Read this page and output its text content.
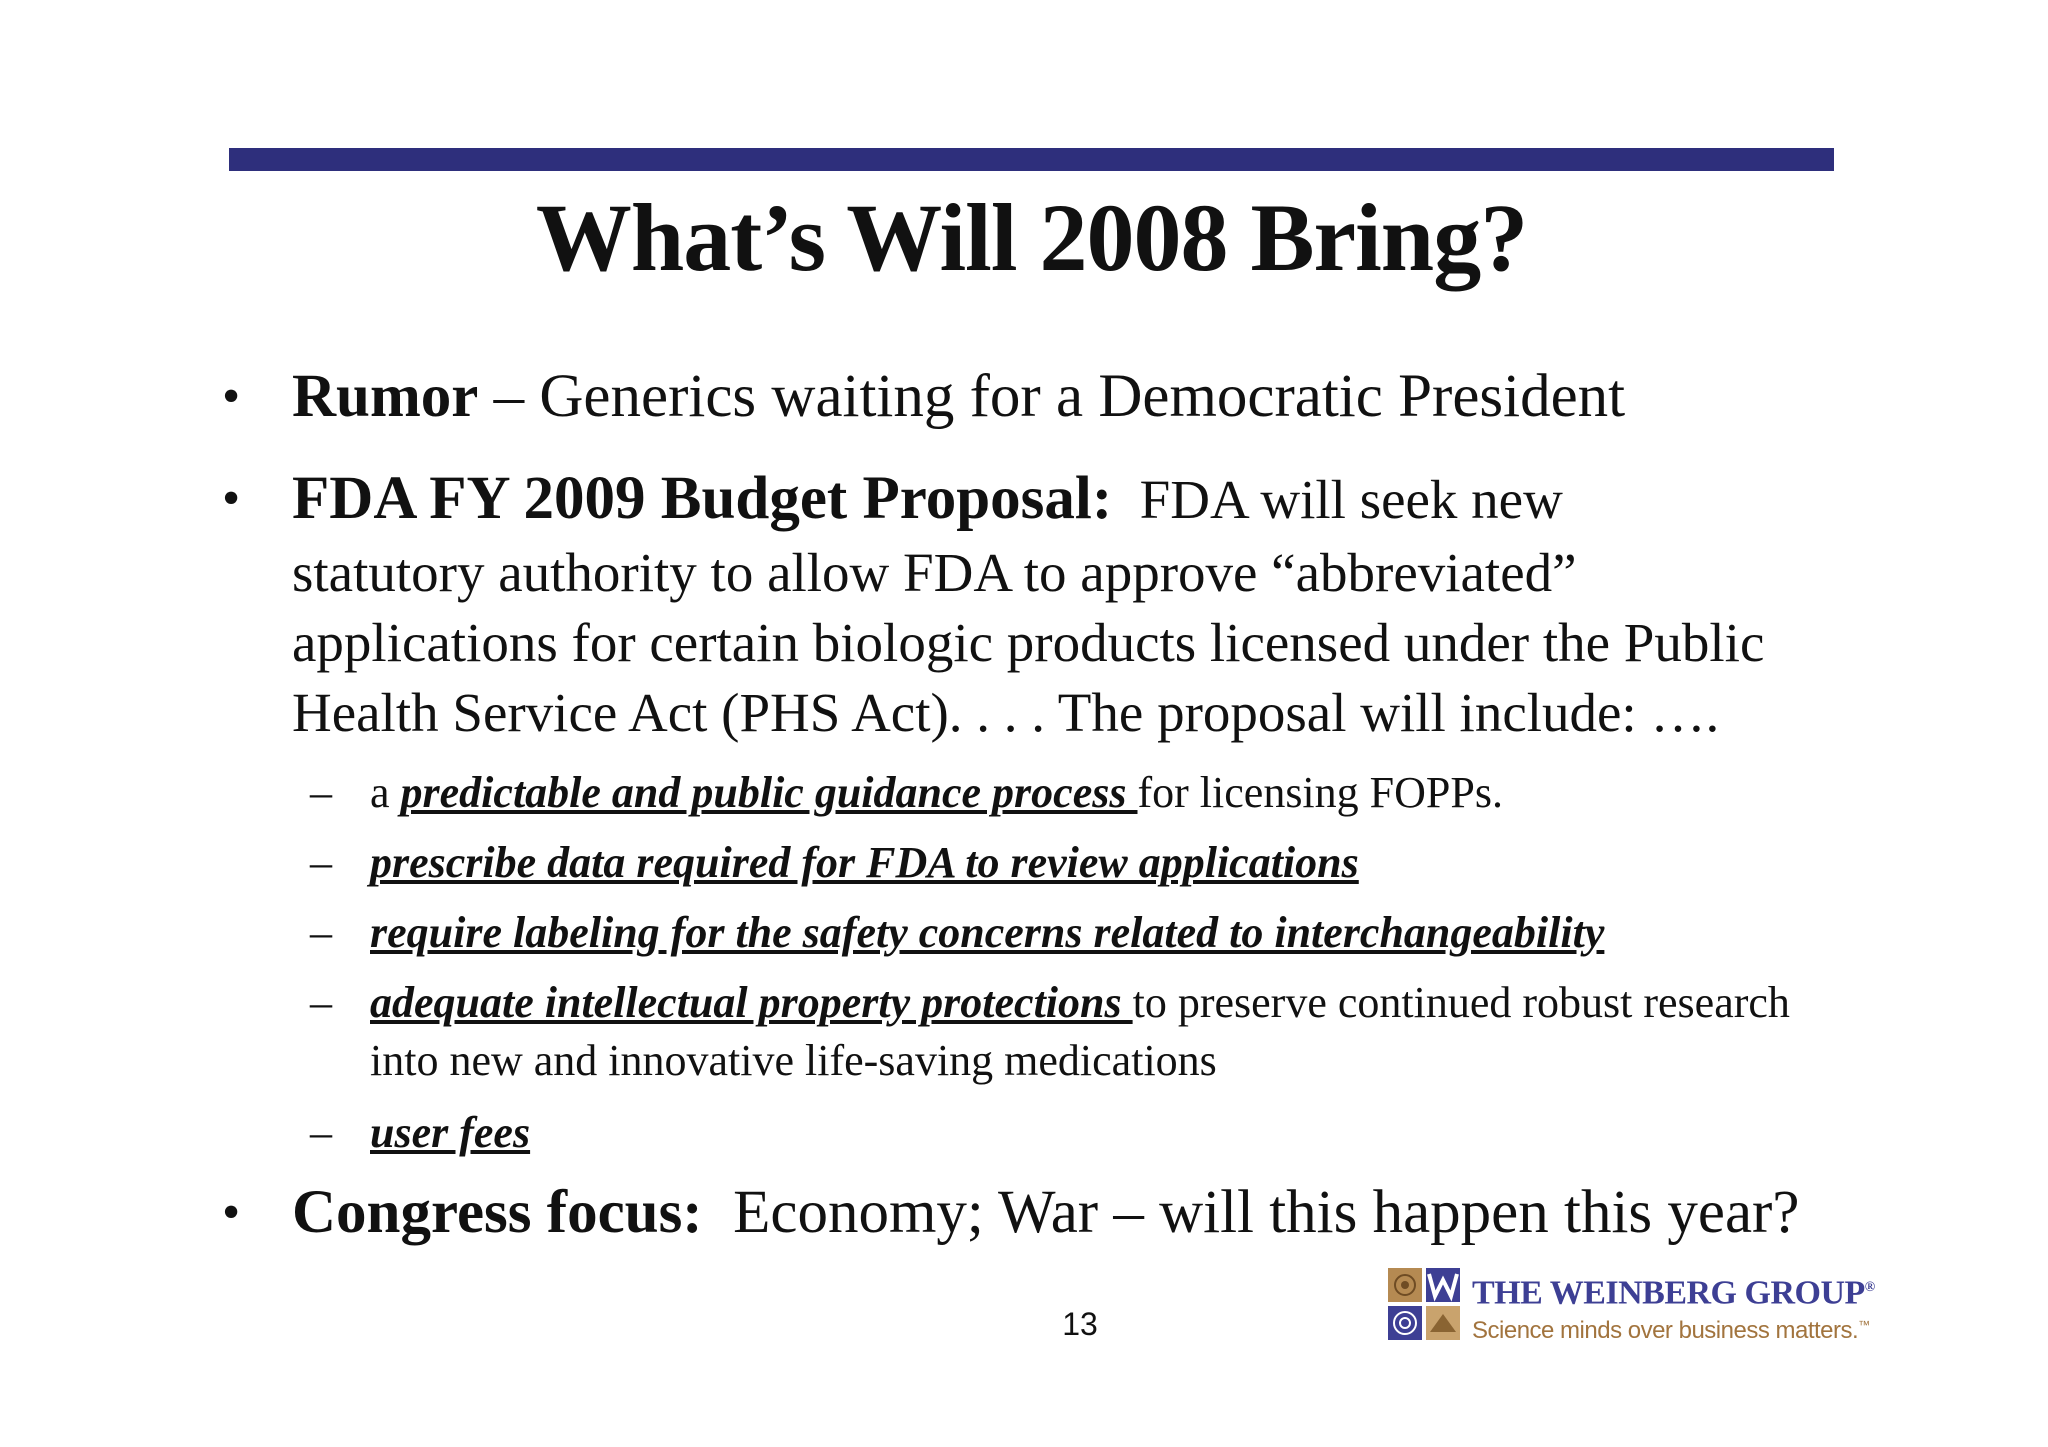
What’s Will 2008 Bring?
• Rumor – Generics waiting for a Democratic President
• FDA FY 2009 Budget Proposal:  FDA will seek new

statutory authority to allow FDA to approve “abbreviated” applications for certain biologic products licensed under the Public Health Service Act (PHS Act). . . . The proposal will include: ….

– a predictable and public guidance process for licensing FOPPs.
– prescribe data required for FDA to review applications
– require labeling for the safety concerns related to interchangeability
– adequate intellectual property protections to preserve continued robust research into new and innovative life-saving medications
– user fees
• Congress focus:  Economy; War – will this happen this year?
13
THE WEINBERG GROUP®
Science minds over business matters.™
